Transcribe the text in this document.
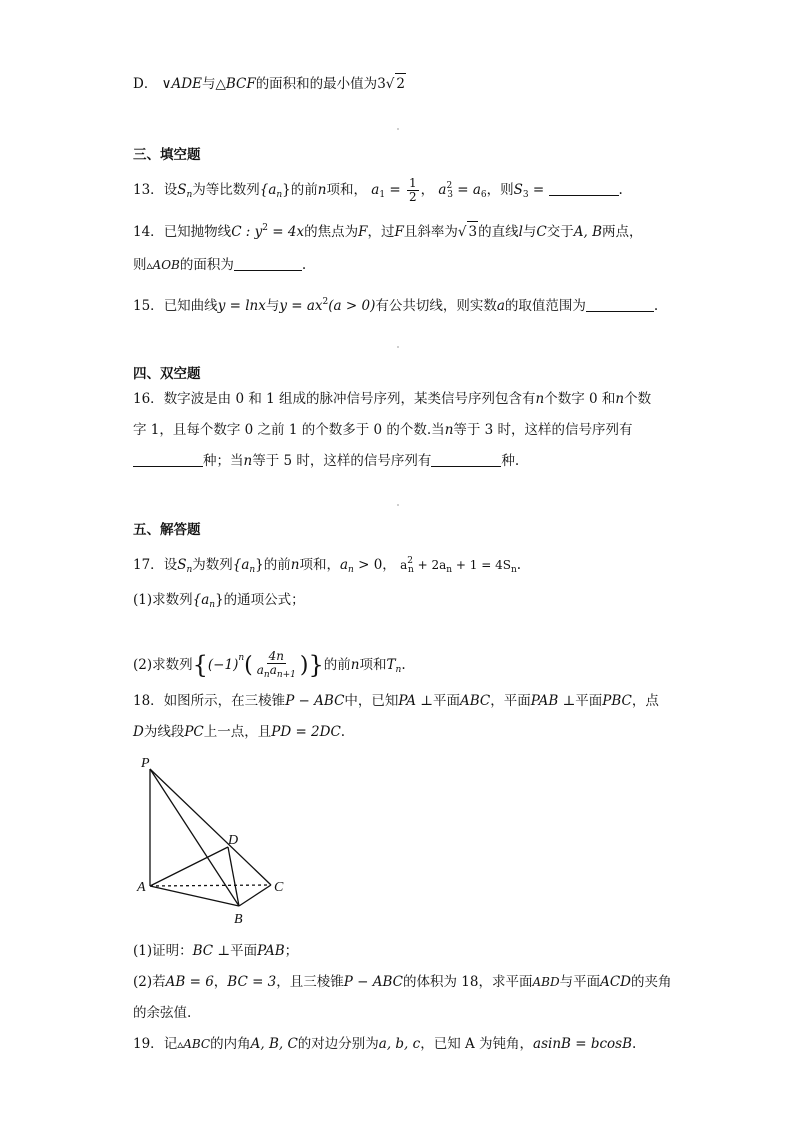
D． ∨ADE与△BCF的面积和的最小值为3√ 2
三、填空题
13．设$S_n$为等比数列$\{a_n\}$的前n项和， $a_1 = \frac{1}{2}$ ， $a^2_3 = a_6$，则$S_3$ =	.
14．已知抛物线C : $y^2 = 4x$的焦点为F，过F且斜率为√ 3的直线l与C交于A, B两点，
则▵AOB的面积为	.
15．已知曲线y = lnx与$y = ax^2(a > 0)$有公共切线，则实数a的取值范围为	.
四、双空题
16．数字波是由 0 和 1 组成的脉冲信号序列，某类信号序列包含有n个数字 0 和n个数
字 1，且每个数字 0 之前 1 的个数多于 0 的个数.当n等于 3 时，这样的信号序列有
种；当n等于 5 时，这样的信号序列有	种.
五、解答题
17．设$S_n$为数列$\{a_n\}$的前n项和，$a_n > 0$， $a^2_n + 2a_n + 1 = 4S_n$.
(1)求数列$\{a_n\}$的通项公式；
(2)求数列{$(-1)^n( \frac{4n}{a_na_{n+1}}$ )}的前n项和$T_n$.
18．如图所示，在三棱锥P − ABC中，已知PA ⊥平面ABC，平面PAB ⊥平面PBC，点
D为线段PC上一点，且PD = 2DC.
P
D
A	C
B
(1)证明：BC ⊥平面PAB；
(2)若AB = 6，BC = 3，且三棱锥P − ABC的体积为 18，求平面ABD与平面ACD的夹角
的余弦值.
19．记▵ABC的内角A, B, C的对边分别为a, b, c，已知 A 为钝角，asinB = bcosB.
